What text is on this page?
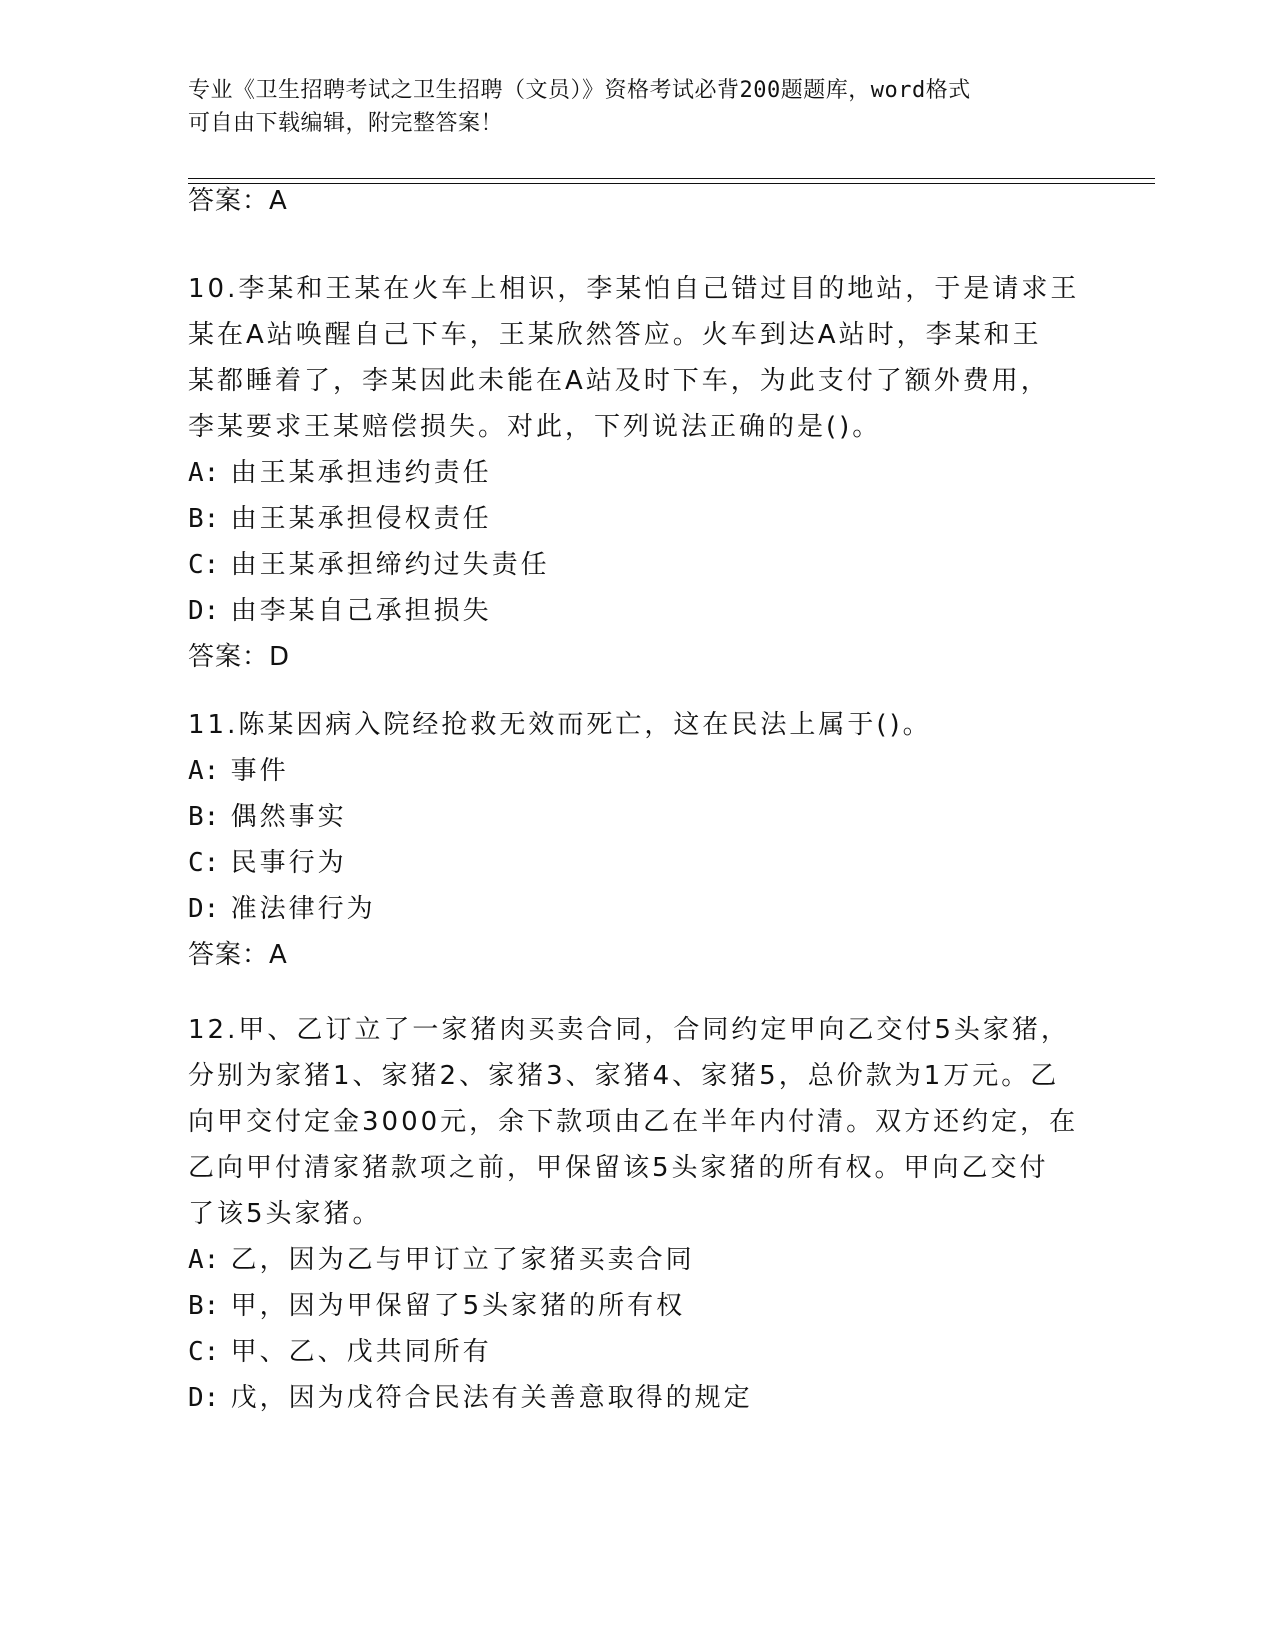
专业《卫生招聘考试之卫生招聘（文员）》资格考试必背200题题库，word格式
可自由下载编辑，附完整答案！
答案：A
10.李某和王某在火车上相识，李某怕自己错过目的地站，于是请求王
某在A站唤醒自己下车，王某欣然答应。火车到达A站时，李某和王
某都睡着了，李某因此未能在A站及时下车，为此支付了额外费用，
李某要求王某赔偿损失。对此，下列说法正确的是()。
A: 由王某承担违约责任
B: 由王某承担侵权责任
C: 由王某承担缔约过失责任
D: 由李某自己承担损失
答案：D
11.陈某因病入院经抢救无效而死亡，这在民法上属于()。
A: 事件
B: 偶然事实
C: 民事行为
D: 准法律行为
答案：A
12.甲、乙订立了一家猪肉买卖合同，合同约定甲向乙交付5头家猪，
分别为家猪1、家猪2、家猪3、家猪4、家猪5，总价款为1万元。乙
向甲交付定金3000元，余下款项由乙在半年内付清。双方还约定，在
乙向甲付清家猪款项之前，甲保留该5头家猪的所有权。甲向乙交付
了该5头家猪。
A: 乙，因为乙与甲订立了家猪买卖合同
B: 甲，因为甲保留了5头家猪的所有权
C: 甲、乙、戊共同所有
D: 戊，因为戊符合民法有关善意取得的规定
